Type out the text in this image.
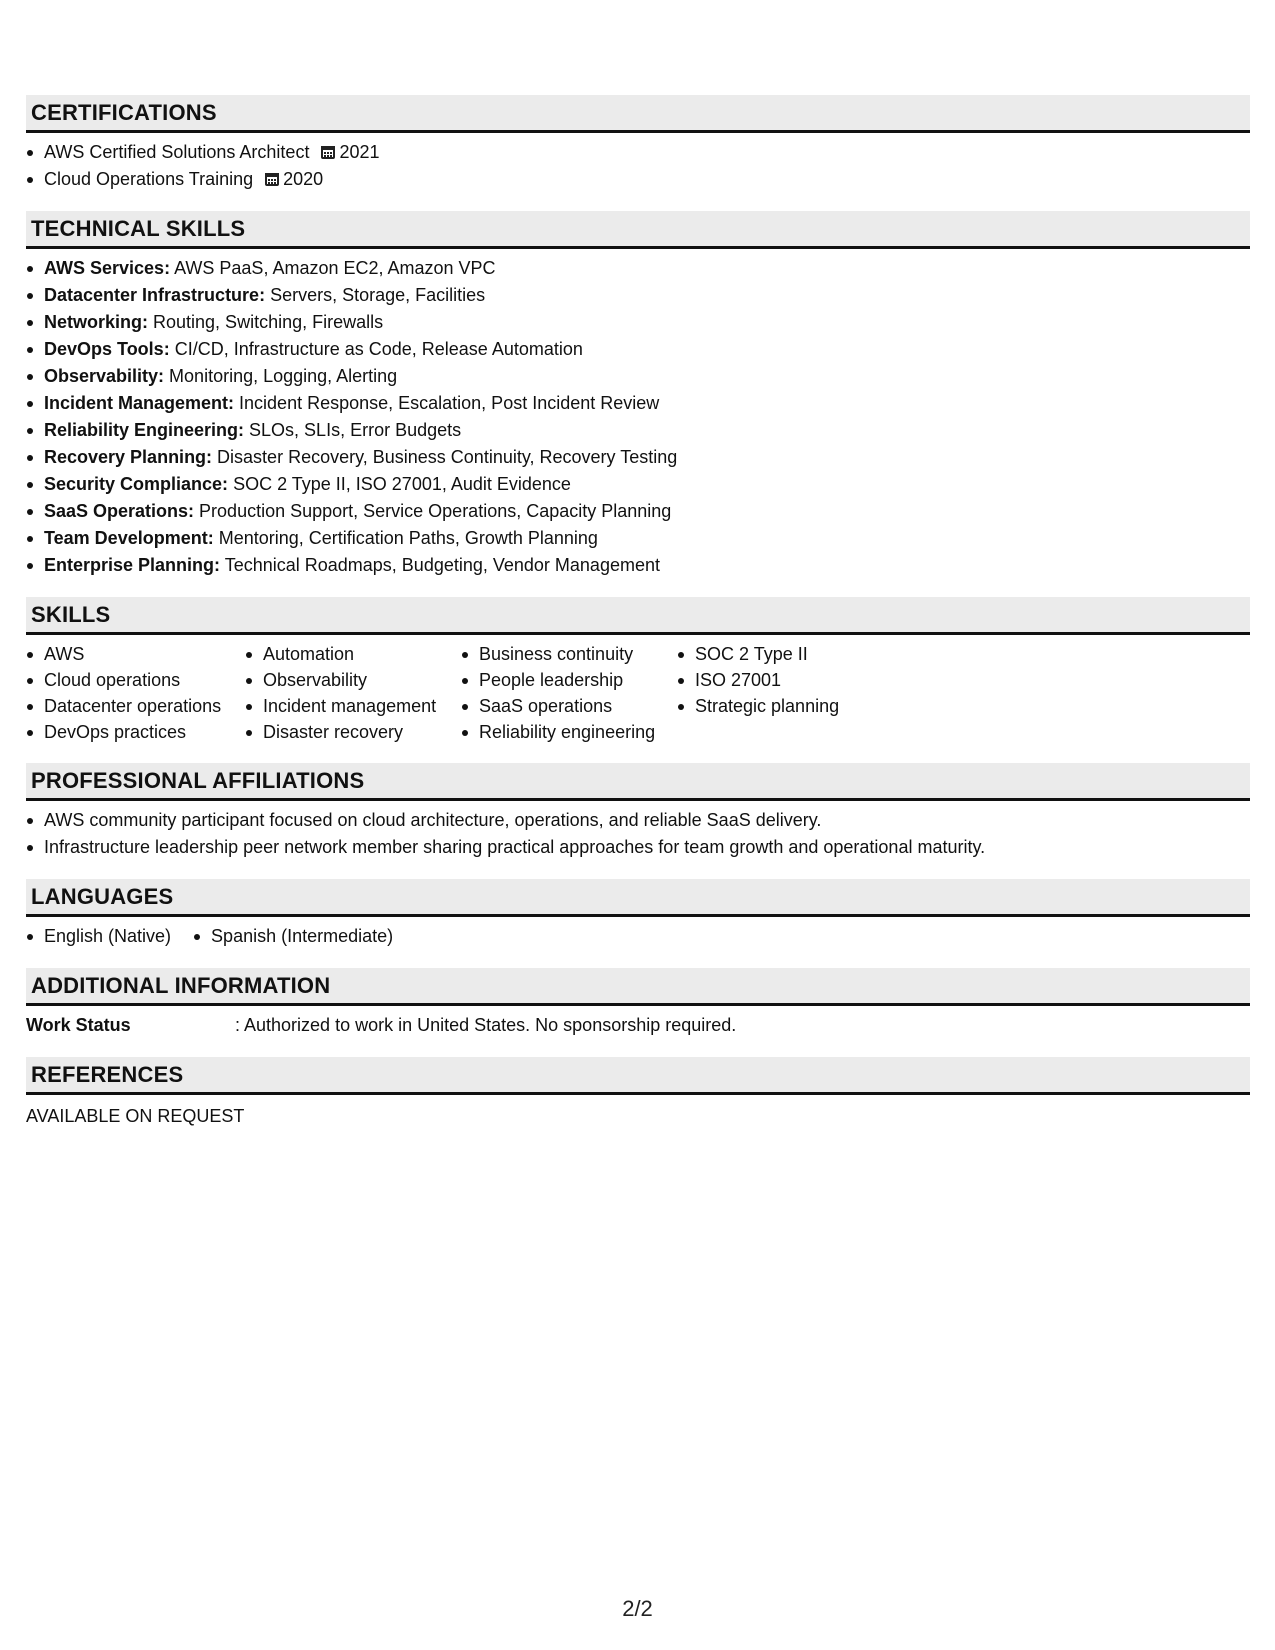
CERTIFICATIONS
AWS Certified Solutions Architect 2021
Cloud Operations Training 2020
TECHNICAL SKILLS
AWS Services: AWS PaaS, Amazon EC2, Amazon VPC
Datacenter Infrastructure: Servers, Storage, Facilities
Networking: Routing, Switching, Firewalls
DevOps Tools: CI/CD, Infrastructure as Code, Release Automation
Observability: Monitoring, Logging, Alerting
Incident Management: Incident Response, Escalation, Post Incident Review
Reliability Engineering: SLOs, SLIs, Error Budgets
Recovery Planning: Disaster Recovery, Business Continuity, Recovery Testing
Security Compliance: SOC 2 Type II, ISO 27001, Audit Evidence
SaaS Operations: Production Support, Service Operations, Capacity Planning
Team Development: Mentoring, Certification Paths, Growth Planning
Enterprise Planning: Technical Roadmaps, Budgeting, Vendor Management
SKILLS
AWS
Cloud operations
Datacenter operations
DevOps practices
Automation
Observability
Incident management
Disaster recovery
Business continuity
People leadership
SaaS operations
Reliability engineering
SOC 2 Type II
ISO 27001
Strategic planning
PROFESSIONAL AFFILIATIONS
AWS community participant focused on cloud architecture, operations, and reliable SaaS delivery.
Infrastructure leadership peer network member sharing practical approaches for team growth and operational maturity.
LANGUAGES
English (Native)	Spanish (Intermediate)
ADDITIONAL INFORMATION
Work Status	: Authorized to work in United States. No sponsorship required.
REFERENCES
AVAILABLE ON REQUEST
2/2
